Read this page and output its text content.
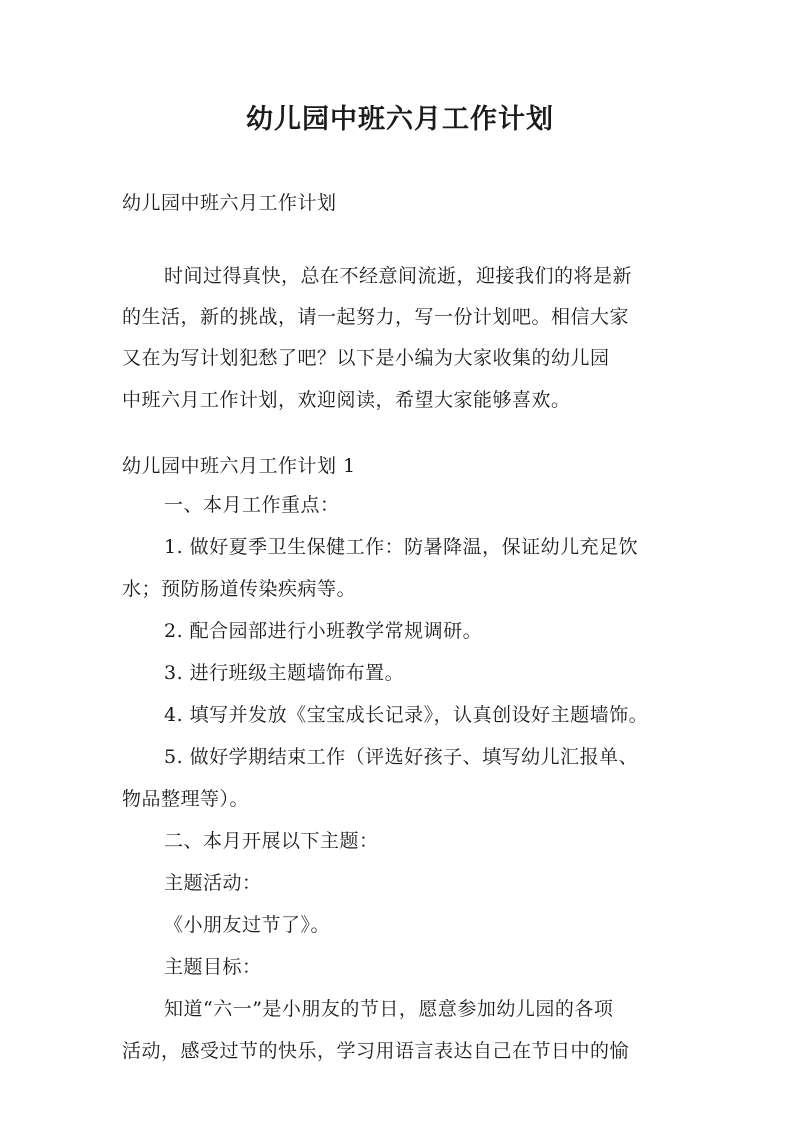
幼儿园中班六月工作计划
幼儿园中班六月工作计划
时间过得真快，总在不经意间流逝，迎接我们的将是新
的生活，新的挑战，请一起努力，写一份计划吧。相信大家
又在为写计划犯愁了吧？以下是小编为大家收集的幼儿园
中班六月工作计划，欢迎阅读，希望大家能够喜欢。
幼儿园中班六月工作计划 1
一、本月工作重点：
1. 做好夏季卫生保健工作：防暑降温，保证幼儿充足饮
水；预防肠道传染疾病等。
2. 配合园部进行小班教学常规调研。
3. 进行班级主题墙饰布置。
4. 填写并发放《宝宝成长记录》，认真创设好主题墙饰。
5. 做好学期结束工作（评选好孩子、填写幼儿汇报单、
物品整理等）。
二、本月开展以下主题：
主题活动：
《小朋友过节了》。
主题目标：
知道“六一”是小朋友的节日，愿意参加幼儿园的各项
活动，感受过节的快乐，学习用语言表达自己在节日中的愉
